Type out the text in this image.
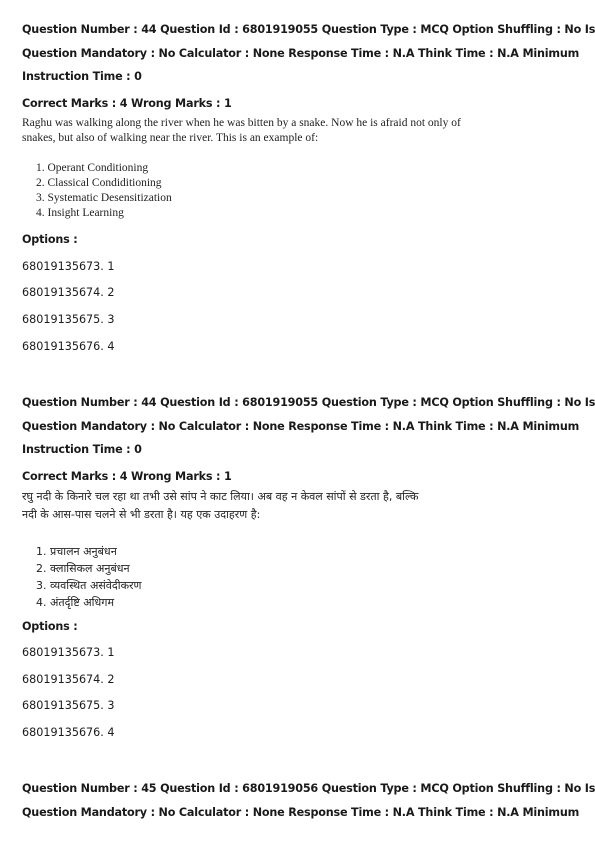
Question Number : 44 Question Id : 6801919055 Question Type : MCQ Option Shuffling : No Is
Question Mandatory : No Calculator : None Response Time : N.A Think Time : N.A Minimum
Instruction Time : 0
Correct Marks : 4 Wrong Marks : 1
Raghu was walking along the river when he was bitten by a snake. Now he is afraid not only of
snakes, but also of walking near the river. This is an example of:
1. Operant Conditioning
2. Classical Condiditioning
3. Systematic Desensitization
4. Insight Learning
Options :
68019135673. 1
68019135674. 2
68019135675. 3
68019135676. 4
Question Number : 44 Question Id : 6801919055 Question Type : MCQ Option Shuffling : No Is
Question Mandatory : No Calculator : None Response Time : N.A Think Time : N.A Minimum
Instruction Time : 0
Correct Marks : 4 Wrong Marks : 1
रघु नदी के किनारे चल रहा था तभी उसे सांप ने काट लिया। अब वह न केवल सांपों से डरता है, बल्कि
नदी के आस-पास चलने से भी डरता है। यह एक उदाहरण है:
1. प्रचालन अनुबंधन
2. क्लासिकल अनुबंधन
3. व्यवस्थित असंवेदीकरण
4. अंतर्दृष्टि अधिगम
Options :
68019135673. 1
68019135674. 2
68019135675. 3
68019135676. 4
Question Number : 45 Question Id : 6801919056 Question Type : MCQ Option Shuffling : No Is
Question Mandatory : No Calculator : None Response Time : N.A Think Time : N.A Minimum
